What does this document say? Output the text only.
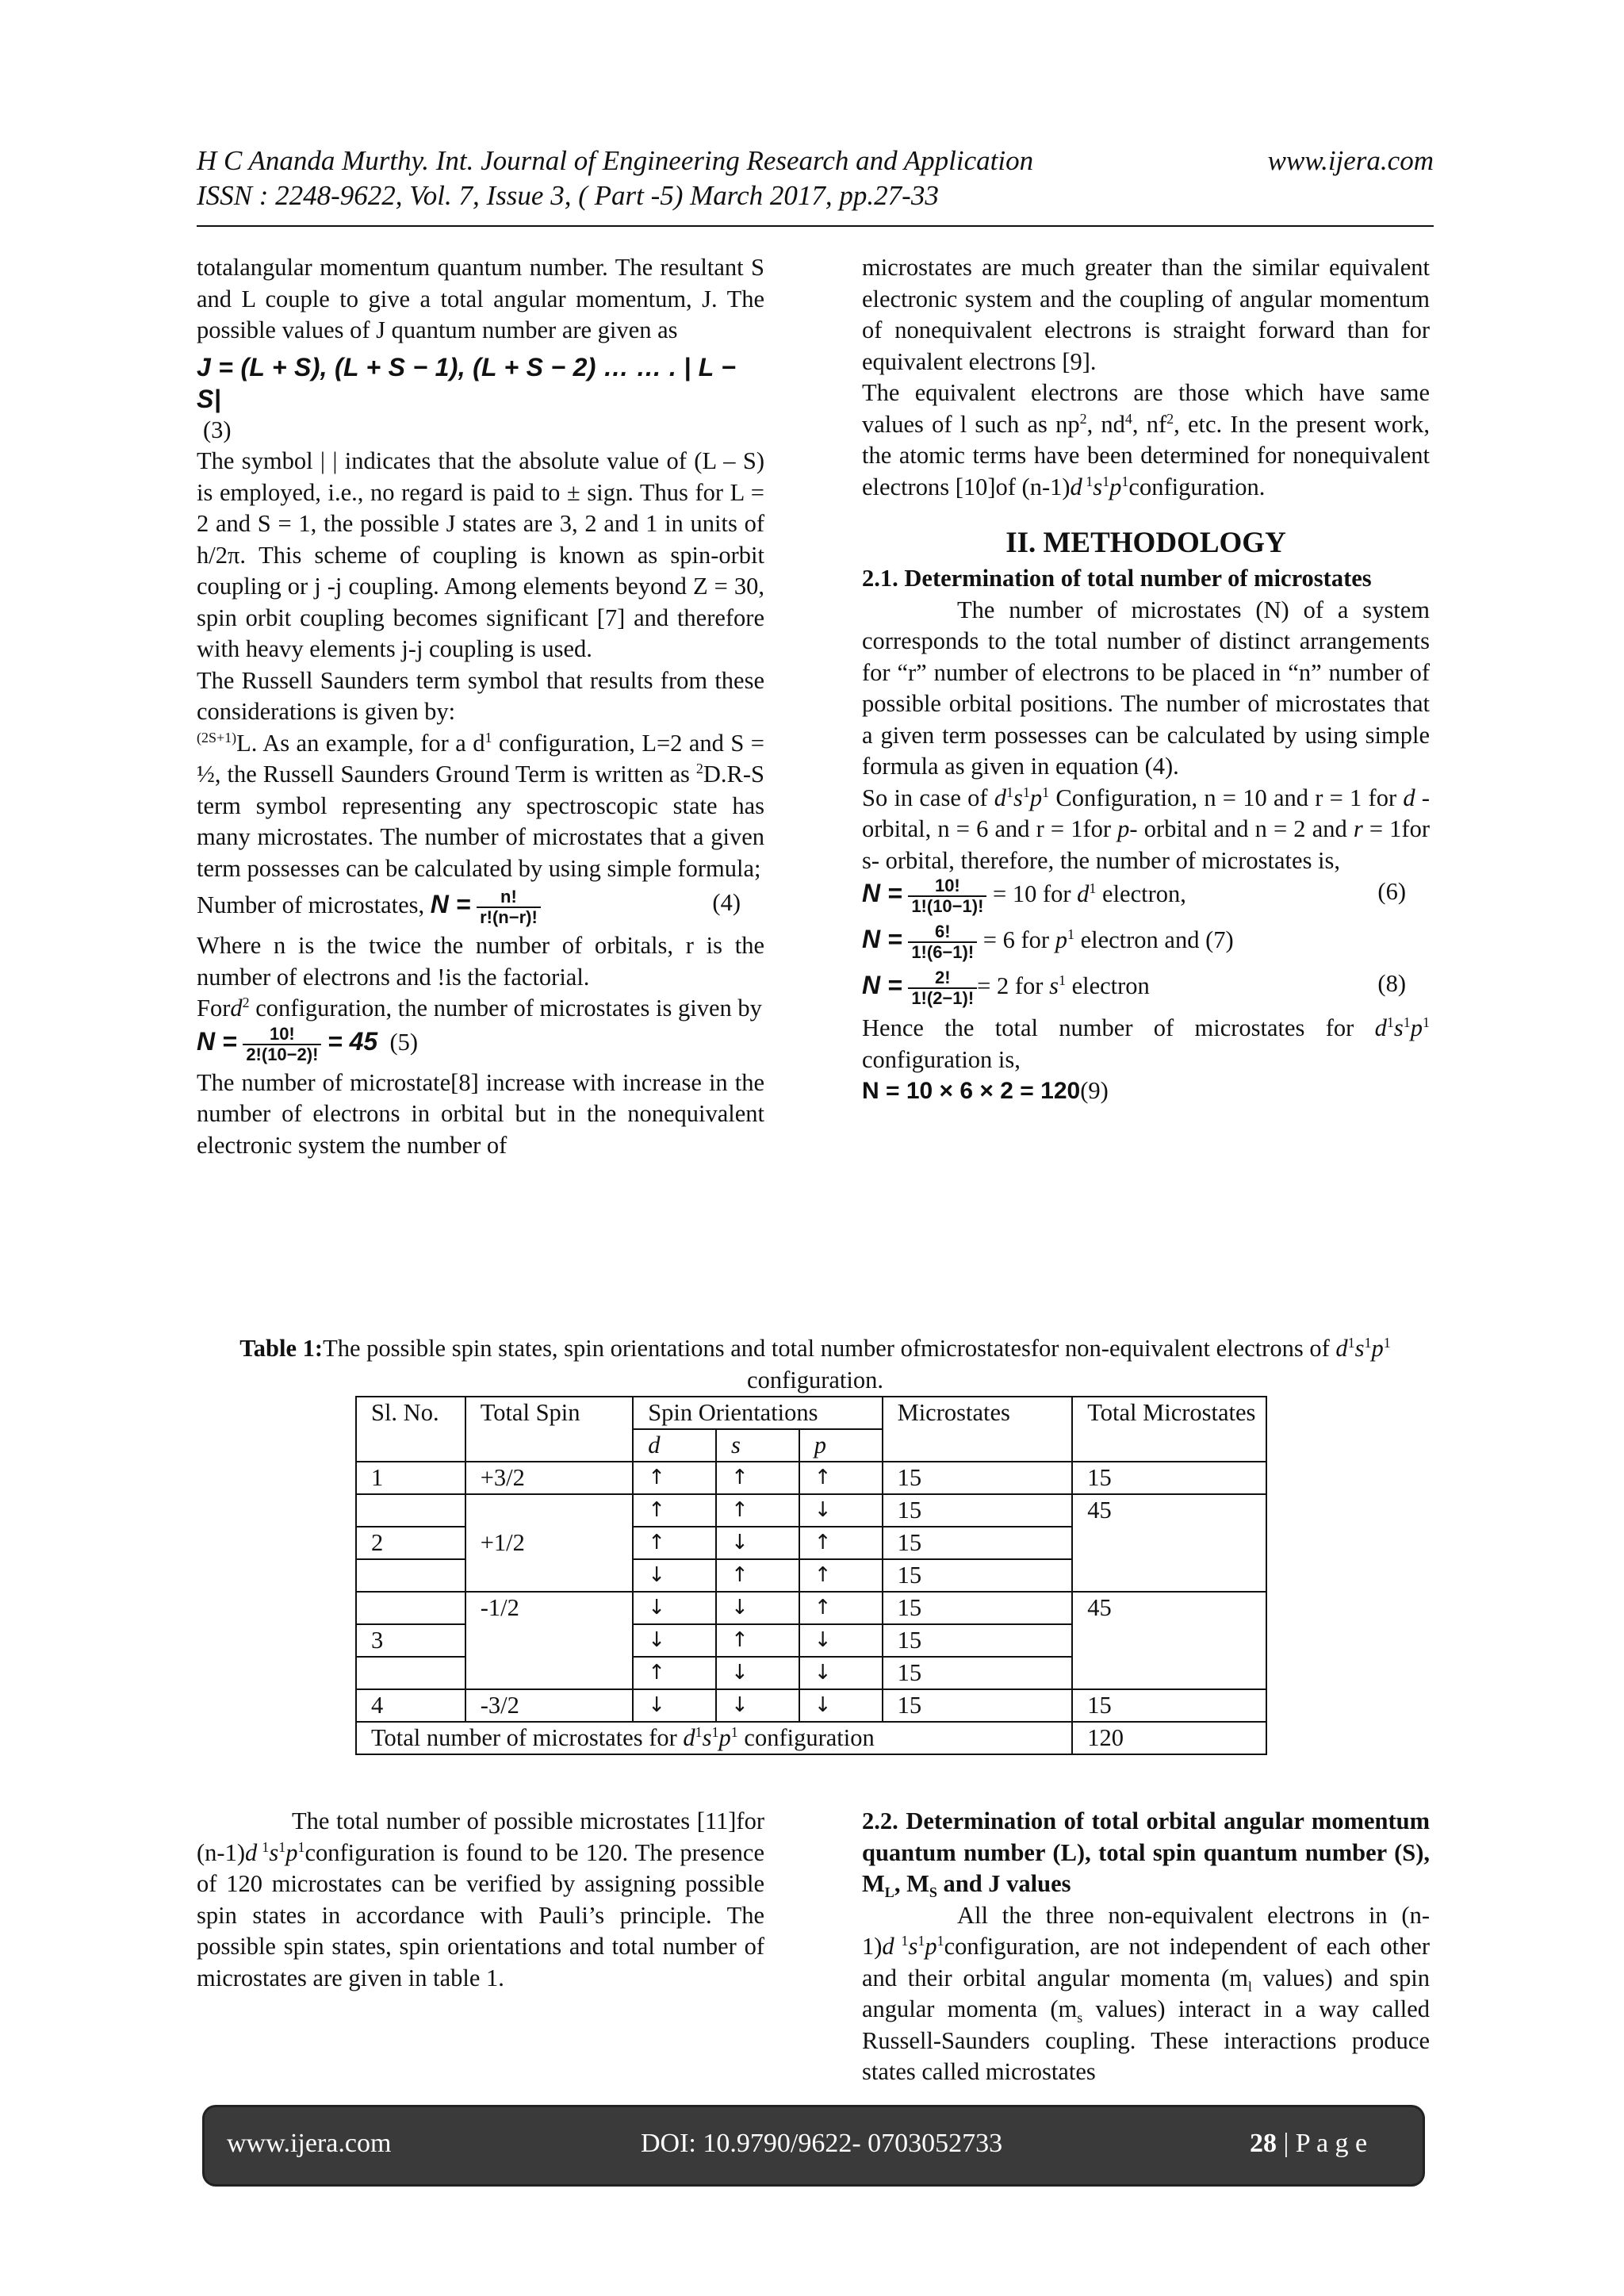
H C Ananda Murthy. Int. Journal of Engineering Research and Application	www.ijera.com
ISSN : 2248-9622, Vol. 7, Issue 3, ( Part -5) March 2017, pp.27-33

totalangular momentum quantum number. The resultant S and L couple to give a total angular momentum, J. The possible values of J quantum number are given as

J = (L + S), (L + S − 1), (L + S − 2) … … . | L −
S|

(3)

The symbol | | indicates that the absolute value of (L – S) is employed, i.e., no regard is paid to ± sign. Thus for L = 2 and S = 1, the possible J states are 3, 2 and 1 in units of h/2π. This scheme of coupling is known as spin-orbit coupling or j -j coupling. Among elements beyond Z = 30, spin orbit coupling becomes significant [7] and therefore with heavy elements j-j coupling is used.

The Russell Saunders term symbol that results from these considerations is given by:

$^{(2S+1)}$L. As an example, for a $d^1$ configuration, L=2 and S = ½, the Russell Saunders Ground Term is written as $^2$D.R-S term symbol representing any spectroscopic state has many microstates. The number of microstates that a given term possesses can be calculated by using simple formula;

Number of microstates, $N = \frac{n!}{r!(n-r)!}$	(4)

Where n is the twice the number of orbitals, r is the number of electrons and !is the factorial.

Ford$^2$ configuration, the number of microstates is given by

$N = \frac{10!}{2!(10-2)!} = 45$ (5)

The number of microstate[8] increase with increase in the number of electrons in orbital but in the nonequivalent electronic system the number of

microstates are much greater than the similar equivalent electronic system and the coupling of angular momentum of nonequivalent electrons is straight forward than for equivalent electrons [9].

The equivalent electrons are those which have same values of l such as $np^2$, $nd^4$, $nf^2$, etc. In the present work, the atomic terms have been determined for nonequivalent electrons [10]of (n-1)d $^1s^1p^1configuration$.

II. METHODOLOGY

2.1. Determination of total number of microstates

The number of microstates (N) of a system corresponds to the total number of distinct arrangements for “r” number of electrons to be placed in “n” number of possible orbital positions. The number of microstates that a given term possesses can be calculated by using simple formula as given in equation (4).

So in case of $d^1s^1p^1$ Configuration, n = 10 and r = 1 for d - orbital, n = 6 and r = 1for p- orbital and n = 2 and r = 1for s- orbital, therefore, the number of microstates is,

$N = \frac{10!}{1!(10-1)!} = 10$ for $d^1$ electron,	(6)

$N = \frac{6!}{1!(6-1)!} = 6$ for $p^1$ electron and (7)

$N = \frac{2!}{1!(2-1)!} = 2$ for $s^1$ electron	(8)

Hence the total number of microstates for $d^1s^1p^1$ configuration is,

N = 10 × 6 × 2 = 120(9)

Table 1:The possible spin states, spin orientations and total number ofmicrostatesfor non-equivalent electrons of $d^1s^1p^1$ configuration.
Sl. No.	Total Spin	Spin Orientations			Microstates	Total Microstates
		d	s	p		
1	+3/2	↑	↑	↑	15	15
	+1/2	↑	↑	↓	15	45
2		↑	↓	↑	15	
		↓	↑	↑	15	
	-1/2	↓	↓	↑	15	45
3		↓	↑	↓	15	
		↑	↓	↓	15	
4	-3/2	↓	↓	↓	15	15
Total number of microstates for $d^1s^1p^1$ configuration						120

The total number of possible microstates [11]for (n-1)d $^1s^1p^1configuration$ is found to be 120. The presence of 120 microstates can be verified by assigning possible spin states in accordance with Pauli’s principle. The possible spin states, spin orientations and total number of microstates are given in table 1.

2.2. Determination of total orbital angular momentum quantum number (L), total spin quantum number (S), $M_L$, $M_S$ and J values

All the three non-equivalent electrons in (n-1)d $^1s^1p^1configuration$, are not independent of each other and their orbital angular momenta ($m_l$ values) and spin angular momenta ($m_s$ values) interact in a way called Russell-Saunders coupling. These interactions produce states called microstates

www.ijera.com	DOI: 10.9790/9622- 0703052733	28 | P a g e
